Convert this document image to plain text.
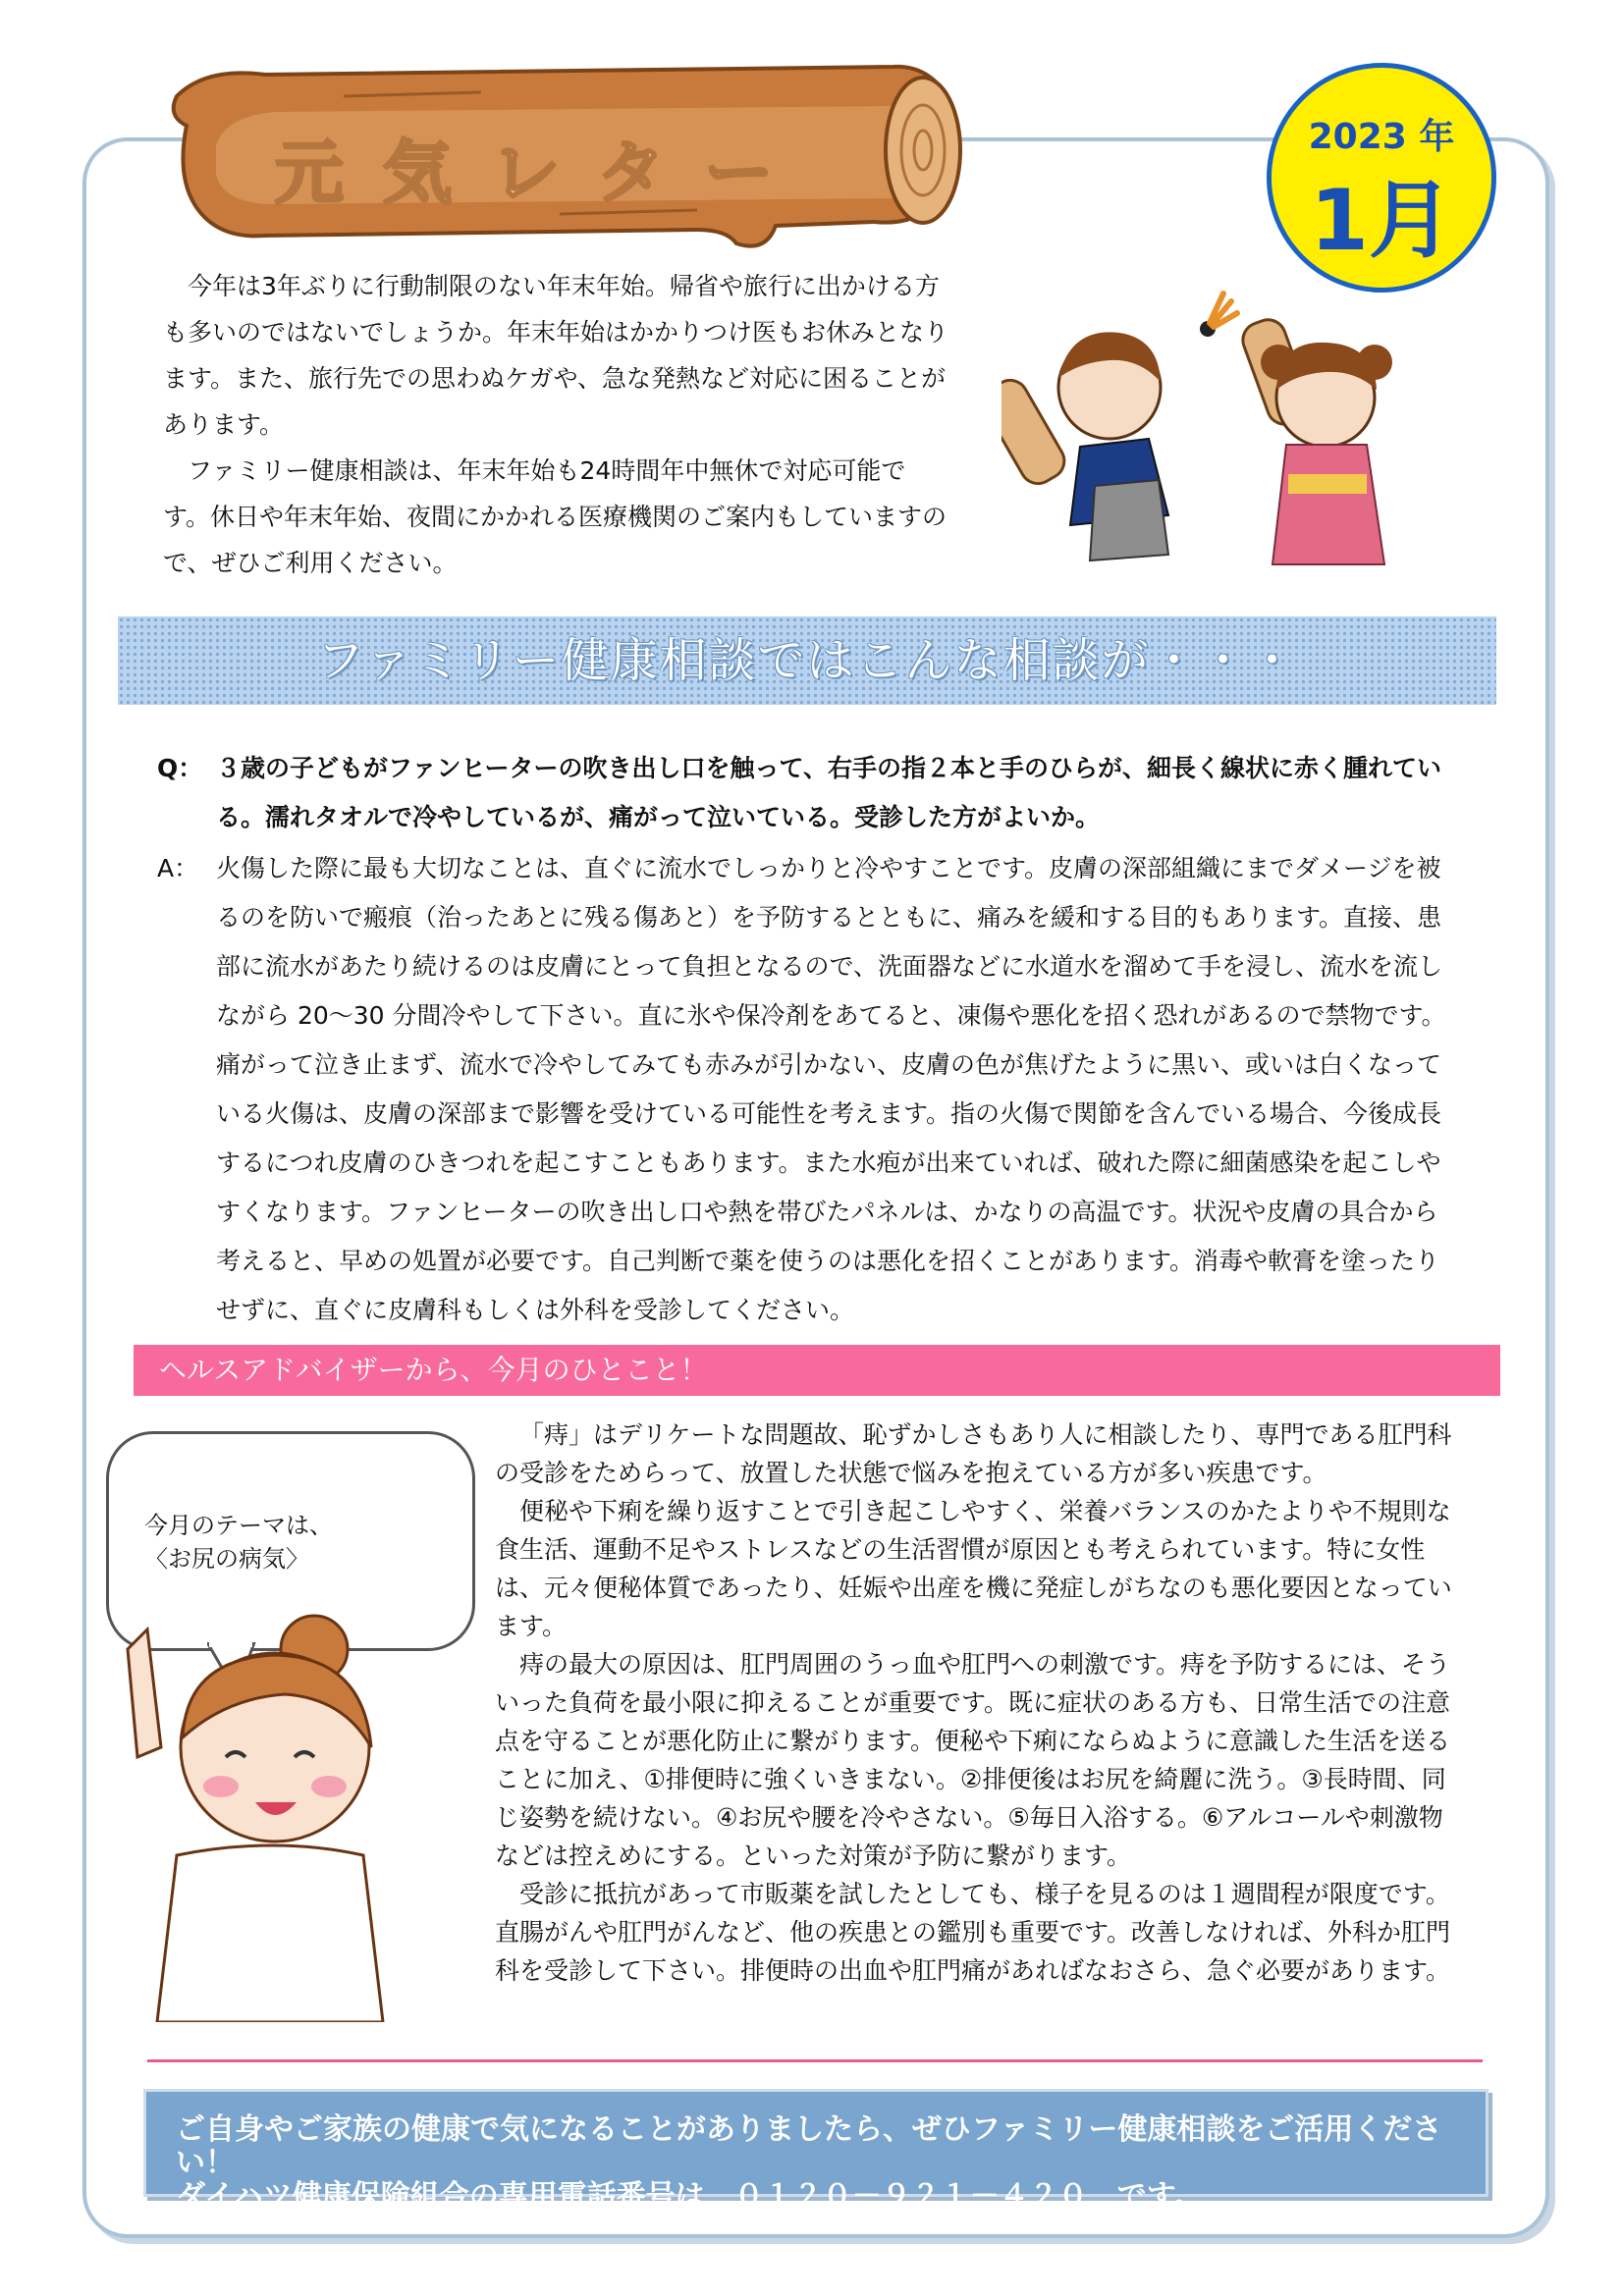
元気レター	2023 年
1月

今年は3年ぶりに行動制限のない年末年始。帰省や旅行に出かける方も多いのではないでしょうか。年末年始はかかりつけ医もお休みとなります。また、旅行先での思わぬケガや、急な発熱など対応に困ることがあります。

ファミリー健康相談は、年末年始も24時間年中無休で対応可能です。休日や年末年始、夜間にかかれる医療機関のご案内もしていますので、ぜひご利用ください。

ファミリー健康相談ではこんな相談が・・・
Q： ３歳の子どもがファンヒーターの吹き出し口を触って、右手の指２本と手のひらが、細長く線状に赤く腫れている。濡れタオルで冷やしているが、痛がって泣いている。受診した方がよいか。
A： 火傷した際に最も大切なことは、直ぐに流水でしっかりと冷やすことです。皮膚の深部組織にまでダメージを被るのを防いで瘢痕（治ったあとに残る傷あと）を予防するとともに、痛みを緩和する目的もあります。直接、患部に流水があたり続けるのは皮膚にとって負担となるので、洗面器などに水道水を溜めて手を浸し、流水を流しながら 20〜30 分間冷やして下さい。直に氷や保冷剤をあてると、凍傷や悪化を招く恐れがあるので禁物です。痛がって泣き止まず、流水で冷やしてみても赤みが引かない、皮膚の色が焦げたように黒い、或いは白くなっている火傷は、皮膚の深部まで影響を受けている可能性を考えます。指の火傷で関節を含んでいる場合、今後成長するにつれ皮膚のひきつれを起こすこともあります。また水疱が出来ていれば、破れた際に細菌感染を起こしやすくなります。ファンヒーターの吹き出し口や熱を帯びたパネルは、かなりの高温です。状況や皮膚の具合から考えると、早めの処置が必要です。自己判断で薬を使うのは悪化を招くことがあります。消毒や軟膏を塗ったりせずに、直ぐに皮膚科もしくは外科を受診してください。
ヘルスアドバイザーから、今月のひとこと！
今月のテーマは、
〈お尻の病気〉

「痔」はデリケートな問題故、恥ずかしさもあり人に相談したり、専門である肛門科の受診をためらって、放置した状態で悩みを抱えている方が多い疾患です。

便秘や下痢を繰り返すことで引き起こしやすく、栄養バランスのかたよりや不規則な食生活、運動不足やストレスなどの生活習慣が原因とも考えられています。特に女性は、元々便秘体質であったり、妊娠や出産を機に発症しがちなのも悪化要因となっています。

痔の最大の原因は、肛門周囲のうっ血や肛門への刺激です。痔を予防するには、そういった負荷を最小限に抑えることが重要です。既に症状のある方も、日常生活での注意点を守ることが悪化防止に繋がります。便秘や下痢にならぬように意識した生活を送ることに加え、①排便時に強くいきまない。②排便後はお尻を綺麗に洗う。③長時間、同じ姿勢を続けない。④お尻や腰を冷やさない。⑤毎日入浴する。⑥アルコールや刺激物などは控えめにする。といった対策が予防に繋がります。

受診に抵抗があって市販薬を試したとしても、様子を見るのは１週間程が限度です。直腸がんや肛門がんなど、他の疾患との鑑別も重要です。改善しなければ、外科か肛門科を受診して下さい。排便時の出血や肛門痛があればなおさら、急ぐ必要があります。

ご自身やご家族の健康で気になることがありましたら、ぜひファミリー健康相談をご活用ください！
ダイハツ健康保険組合の専用電話番号は　０１２０－９２１－４２０　です。
